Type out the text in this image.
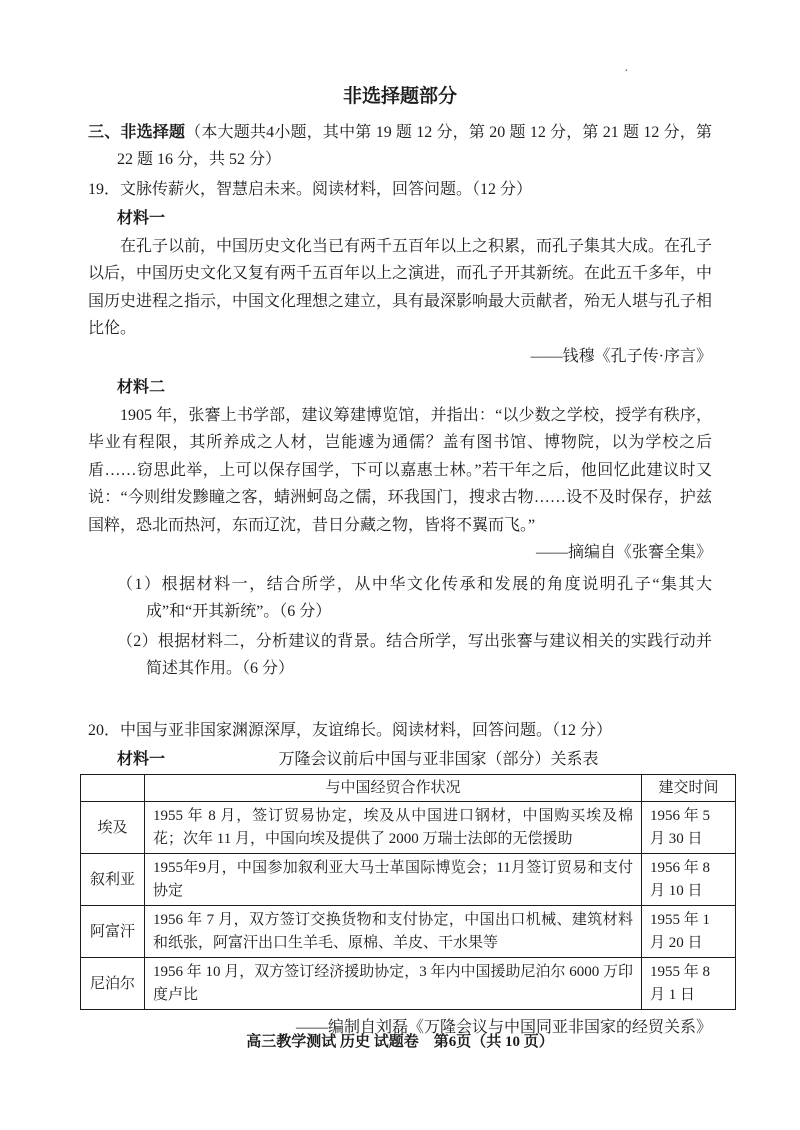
·
非选择题部分

三、非选择题（本大题共4小题，其中第 19 题 12 分，第 20 题 12 分，第 21 题 12 分，第 22 题 16 分，共 52 分）

19．文脉传薪火，智慧启未来。阅读材料，回答问题。（12 分）

材料一

在孔子以前，中国历史文化当已有两千五百年以上之积累，而孔子集其大成。在孔子以后，中国历史文化又复有两千五百年以上之演进，而孔子开其新统。在此五千多年，中国历史进程之指示，中国文化理想之建立，具有最深影响最大贡献者，殆无人堪与孔子相比伦。

——钱穆《孔子传·序言》

材料二

1905 年，张謇上书学部，建议筹建博览馆，并指出：“以少数之学校，授学有秩序，毕业有程限，其所养成之人材，岂能遽为通儒？盖有图书馆、博物院，以为学校之后盾……窃思此举，上可以保存国学，下可以嘉惠士林。”若干年之后，他回忆此建议时又说：“今则绀发黪瞳之客，蜻洲蚵岛之儒，环我国门，搜求古物……设不及时保存，护兹国粹，恐北而热河，东而辽沈，昔日分藏之物，皆将不翼而飞。”

——摘编自《张謇全集》

（1）根据材料一，结合所学，从中华文化传承和发展的角度说明孔子“集其大成”和“开其新统”。（6 分）

（2）根据材料二，分析建议的背景。结合所学，写出张謇与建议相关的实践行动并简述其作用。（6 分）

20．中国与亚非国家渊源深厚，友谊绵长。阅读材料，回答问题。（12 分）

材料一	万隆会议前后中国与亚非国家（部分）关系表
	与中国经贸合作状况	建交时间
埃及	1955 年 8 月，签订贸易协定，埃及从中国进口钢材，中国购买埃及棉花；次年 11 月，中国向埃及提供了 2000 万瑞士法郎的无偿援助	1956 年 5 月 30 日
叙利亚	1955年9月，中国参加叙利亚大马士革国际博览会；11月签订贸易和支付协定	1956 年 8 月 10 日
阿富汗	1956 年 7 月，双方签订交换货物和支付协定，中国出口机械、建筑材料和纸张，阿富汗出口生羊毛、原棉、羊皮、干水果等	1955 年 1 月 20 日
尼泊尔	1956 年 10 月，双方签订经济援助协定，3 年内中国援助尼泊尔 6000 万印度卢比	1955 年 8 月 1 日

——编制自刘磊《万隆会议与中国同亚非国家的经贸关系》

高三教学测试 历史 试题卷　第6页（共 10 页）
